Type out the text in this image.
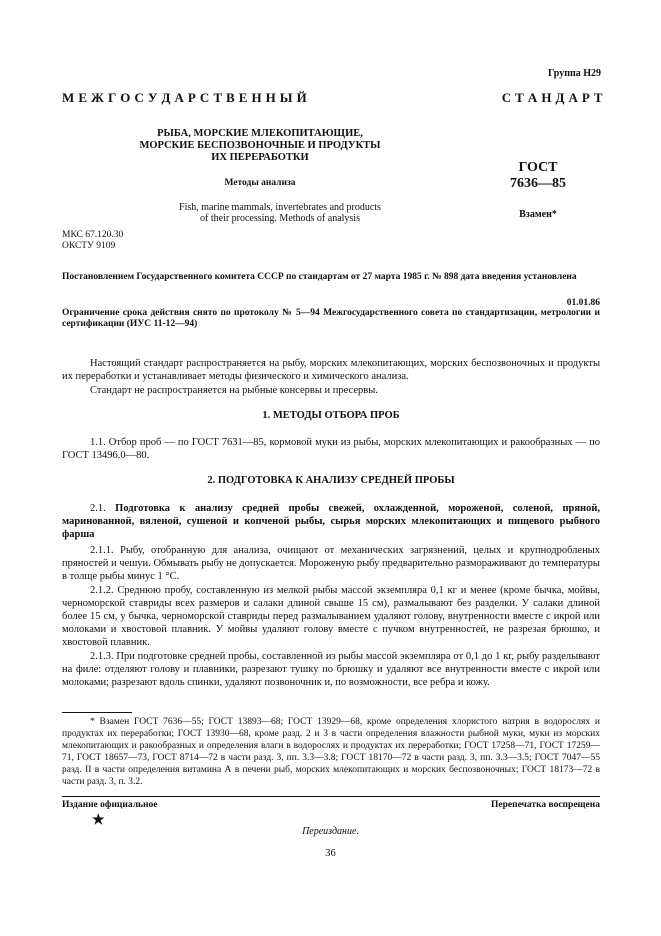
Группа Н29
М Е Ж Г О С У Д А Р С Т В Е Н Н Ы Й	С Т А Н Д А Р Т
РЫБА, МОРСКИЕ МЛЕКОПИТАЮЩИЕ,
МОРСКИЕ БЕСПОЗВОНОЧНЫЕ И ПРОДУКТЫ
ИХ ПЕРЕРАБОТКИ
Методы анализа
Fish, marine mammals, invertebrates and products
of their processing. Methods of analysis
ГОСТ
7636—85
Взамен*
МКС 67.120.30
ОКСТУ 9109
Постановлением Государственного комитета СССР по стандартам от 27 марта 1985 г. № 898 дата введения установлена
01.01.86
Ограничение срока действия снято по протоколу № 5—94 Межгосударственного совета по стандартизации, метрологии и сертификации (ИУС 11-12—94)

Настоящий стандарт распространяется на рыбу, морских млекопитающих, морских беспозвоночных и продукты их переработки и устанавливает методы физического и химического анализа.

Стандарт не распространяется на рыбные консервы и пресервы.

1. МЕТОДЫ ОТБОРА ПРОБ

1.1. Отбор проб — по ГОСТ 7631—85, кормовой муки из рыбы, морских млекопитающих и ракообразных — по ГОСТ 13496.0—80.

2. ПОДГОТОВКА К АНАЛИЗУ СРЕДНЕЙ ПРОБЫ

2.1. Подготовка к анализу средней пробы свежей, охлажденной, мороженой, соленой, пряной, маринованной, вяленой, сушеной и копченой рыбы, сырья морских млекопитающих и пищевого рыбного фарша

2.1.1. Рыбу, отобранную для анализа, очищают от механических загрязнений, целых и крупнодробленых пряностей и чешуи. Обмывать рыбу не допускается. Мороженую рыбу предварительно размораживают до температуры в толще рыбы минус 1 °С.

2.1.2. Среднюю пробу, составленную из мелкой рыбы массой экземпляра 0,1 кг и менее (кроме бычка, мойвы, черноморской ставриды всех размеров и салаки длиной свыше 15 см), размалывают без разделки. У салаки длиной более 15 см, у бычка, черноморской ставриды перед размалыванием удаляют голову, внутренности вместе с икрой или молоками и хвостовой плавник. У мойвы удаляют голову вместе с пучком внутренностей, не разрезая брюшко, и хвостовой плавник.

2.1.3. При подготовке средней пробы, составленной из рыбы массой экземпляра от 0,1 до 1 кг, рыбу разделывают на филе: отделяют голову и плавники, разрезают тушку по брюшку и удаляют все внутренности вместе с икрой или молоками; разрезают вдоль спинки, удаляют позвоночник и, по возможности, все ребра и кожу.

* Взамен ГОСТ 7636—55; ГОСТ 13893—68; ГОСТ 13929—68, кроме определения хлористого натрия в водорослях и продуктах их переработки; ГОСТ 13930—68, кроме разд. 2 и 3 в части определения влажности рыбной муки, муки из морских млекопитающих и ракообразных и определения влаги в водорослях и продуктах их переработки; ГОСТ 17258—71, ГОСТ 17259—71, ГОСТ 18657—73, ГОСТ 8714—72 в части разд. 3, пп. 3.3—3.8; ГОСТ 18170—72 в части разд. 3, пп. 3.3—3.5; ГОСТ 7047—55 разд. II в части определения витамина А в печени рыб, морских млекопитающих и морских беспозвоночных; ГОСТ 18173—72 в части разд. 3, п. 3.2.

Издание официальное	Перепечатка воспрещена
★
Переиздание.
36
